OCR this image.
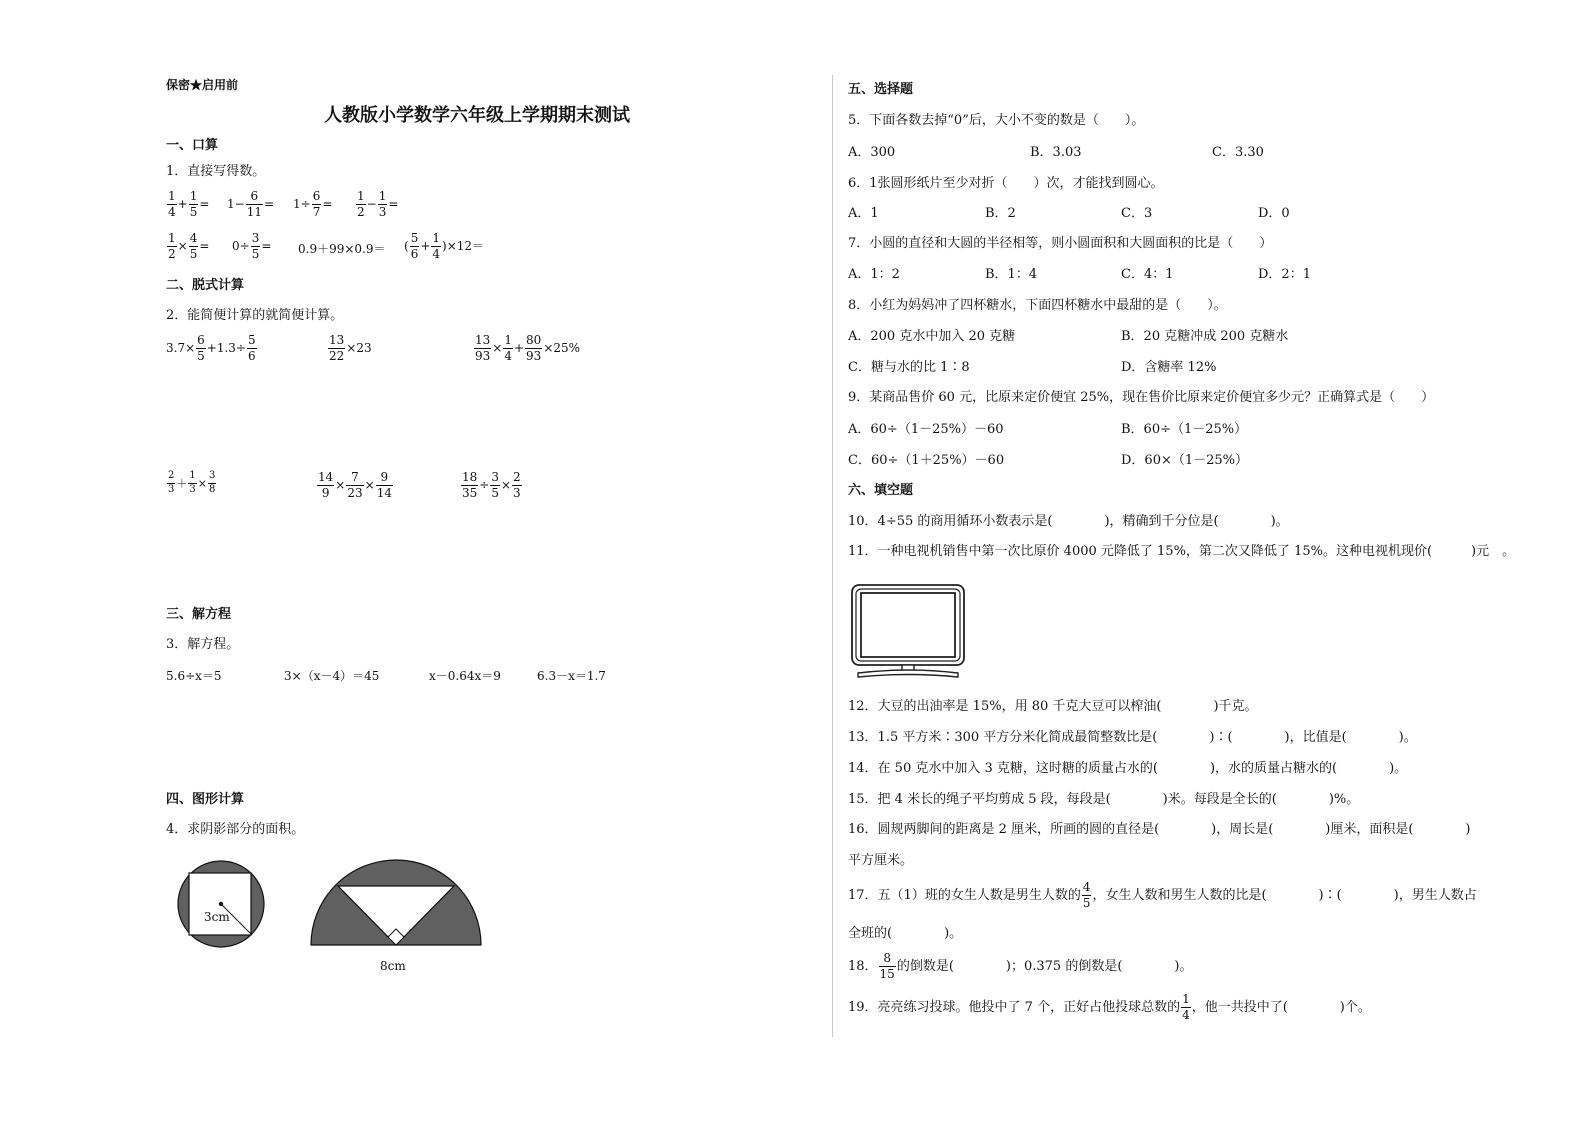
保密★启用前
人教版小学数学六年级上学期期末测试
一、口算
1．直接写得数。
$\frac{1}{4} + \frac{1}{5} = 1- \frac{6}{11} = 1\div \frac{6}{7} = \frac{1}{2} - \frac{1}{3}$ =
$\frac{1}{2} \times \frac{4}{5} = 0\div \frac{3}{5} = 0.9+99\times 0.9=$ ( $\frac{5}{6} + \frac{1}{4} )\times 12=$
二、脱式计算
2．能简便计算的就简便计算。
$3.7\times \frac{6}{5} +1.3\div \frac{5}{6}$	$\frac{13}{22} \times 23$	$\frac{13}{93} \times \frac{1}{4} + \frac{80}{93} \times 25\%$
$\frac{2}{3} + \frac{1}{3} \times \frac{3}{8}$	$\frac{14}{9} \times \frac{7}{23} \times \frac{9}{14}$	$\frac{18}{35} \div \frac{3}{5} \times \frac{2}{3}$
三、解方程
3．解方程。
5.6÷x＝5	3×（x－4）＝45	x－0.64x＝9	6.3－x＝1.7
四、图形计算
4．求阴影部分的面积。
3cm
8cm
五、选择题
5．下面各数去掉“0”后，大小不变的数是（　　）。
A．300	B．3.03	C．3.30
6．1张圆形纸片至少对折（　　）次，才能找到圆心。
A．1	B．2	C．3	D．0
7．小圆的直径和大圆的半径相等，则小圆面积和大圆面积的比是（　　）
A．1：2	B．1：4	C．4：1	D．2：1
8．小红为妈妈冲了四杯糖水，下面四杯糖水中最甜的是（　　）。
A．200 克水中加入 20 克糖	B．20 克糖冲成 200 克糖水
C．糖与水的比 1∶8	D．含糖率 12%
9．某商品售价 60 元，比原来定价便宜 25%，现在售价比原来定价便宜多少元？正确算式是（　　）
A．60÷（1－25%）－60	B．60÷（1－25%）
C．60÷（1＋25%）－60	D．60×（1－25%）
六、填空题
10．4÷55 的商用循环小数表示是(　　　　)，精确到千分位是(　　　　)。
11．一种电视机销售中第一次比原价 4000 元降低了 15%，第二次又降低了 15%。这种电视机现价(　　　)元　。
12．大豆的出油率是 15%，用 80 千克大豆可以榨油(　　　　)千克。
13．1.5 平方米∶300 平方分米化简成最简整数比是(　　　　)∶(　　　　)，比值是(　　　　)。
14．在 50 克水中加入 3 克糖，这时糖的质量占水的(　　　　)，水的质量占糖水的(　　　　)。
15．把 4 米长的绳子平均剪成 5 段，每段是(　　　　)米。每段是全长的(　　　　)%。
16．圆规两脚间的距离是 2 厘米，所画的圆的直径是(　　　　)，周长是(　　　　)厘米，面积是(　　　　)
平方厘米。
17．五（1）班的女生人数是男生人数的 $\frac{4}{5}$ ，女生人数和男生人数的比是(　　　　)∶(　　　　)，男生人数占
全班的(　　　　)。
18． $\frac{8}{15}$ 的倒数是(　　　　)；0.375 的倒数是(　　　　)。
19．亮亮练习投球。他投中了 7 个，正好占他投球总数的 $\frac{1}{4}$ ，他一共投中了(　　　　)个。
